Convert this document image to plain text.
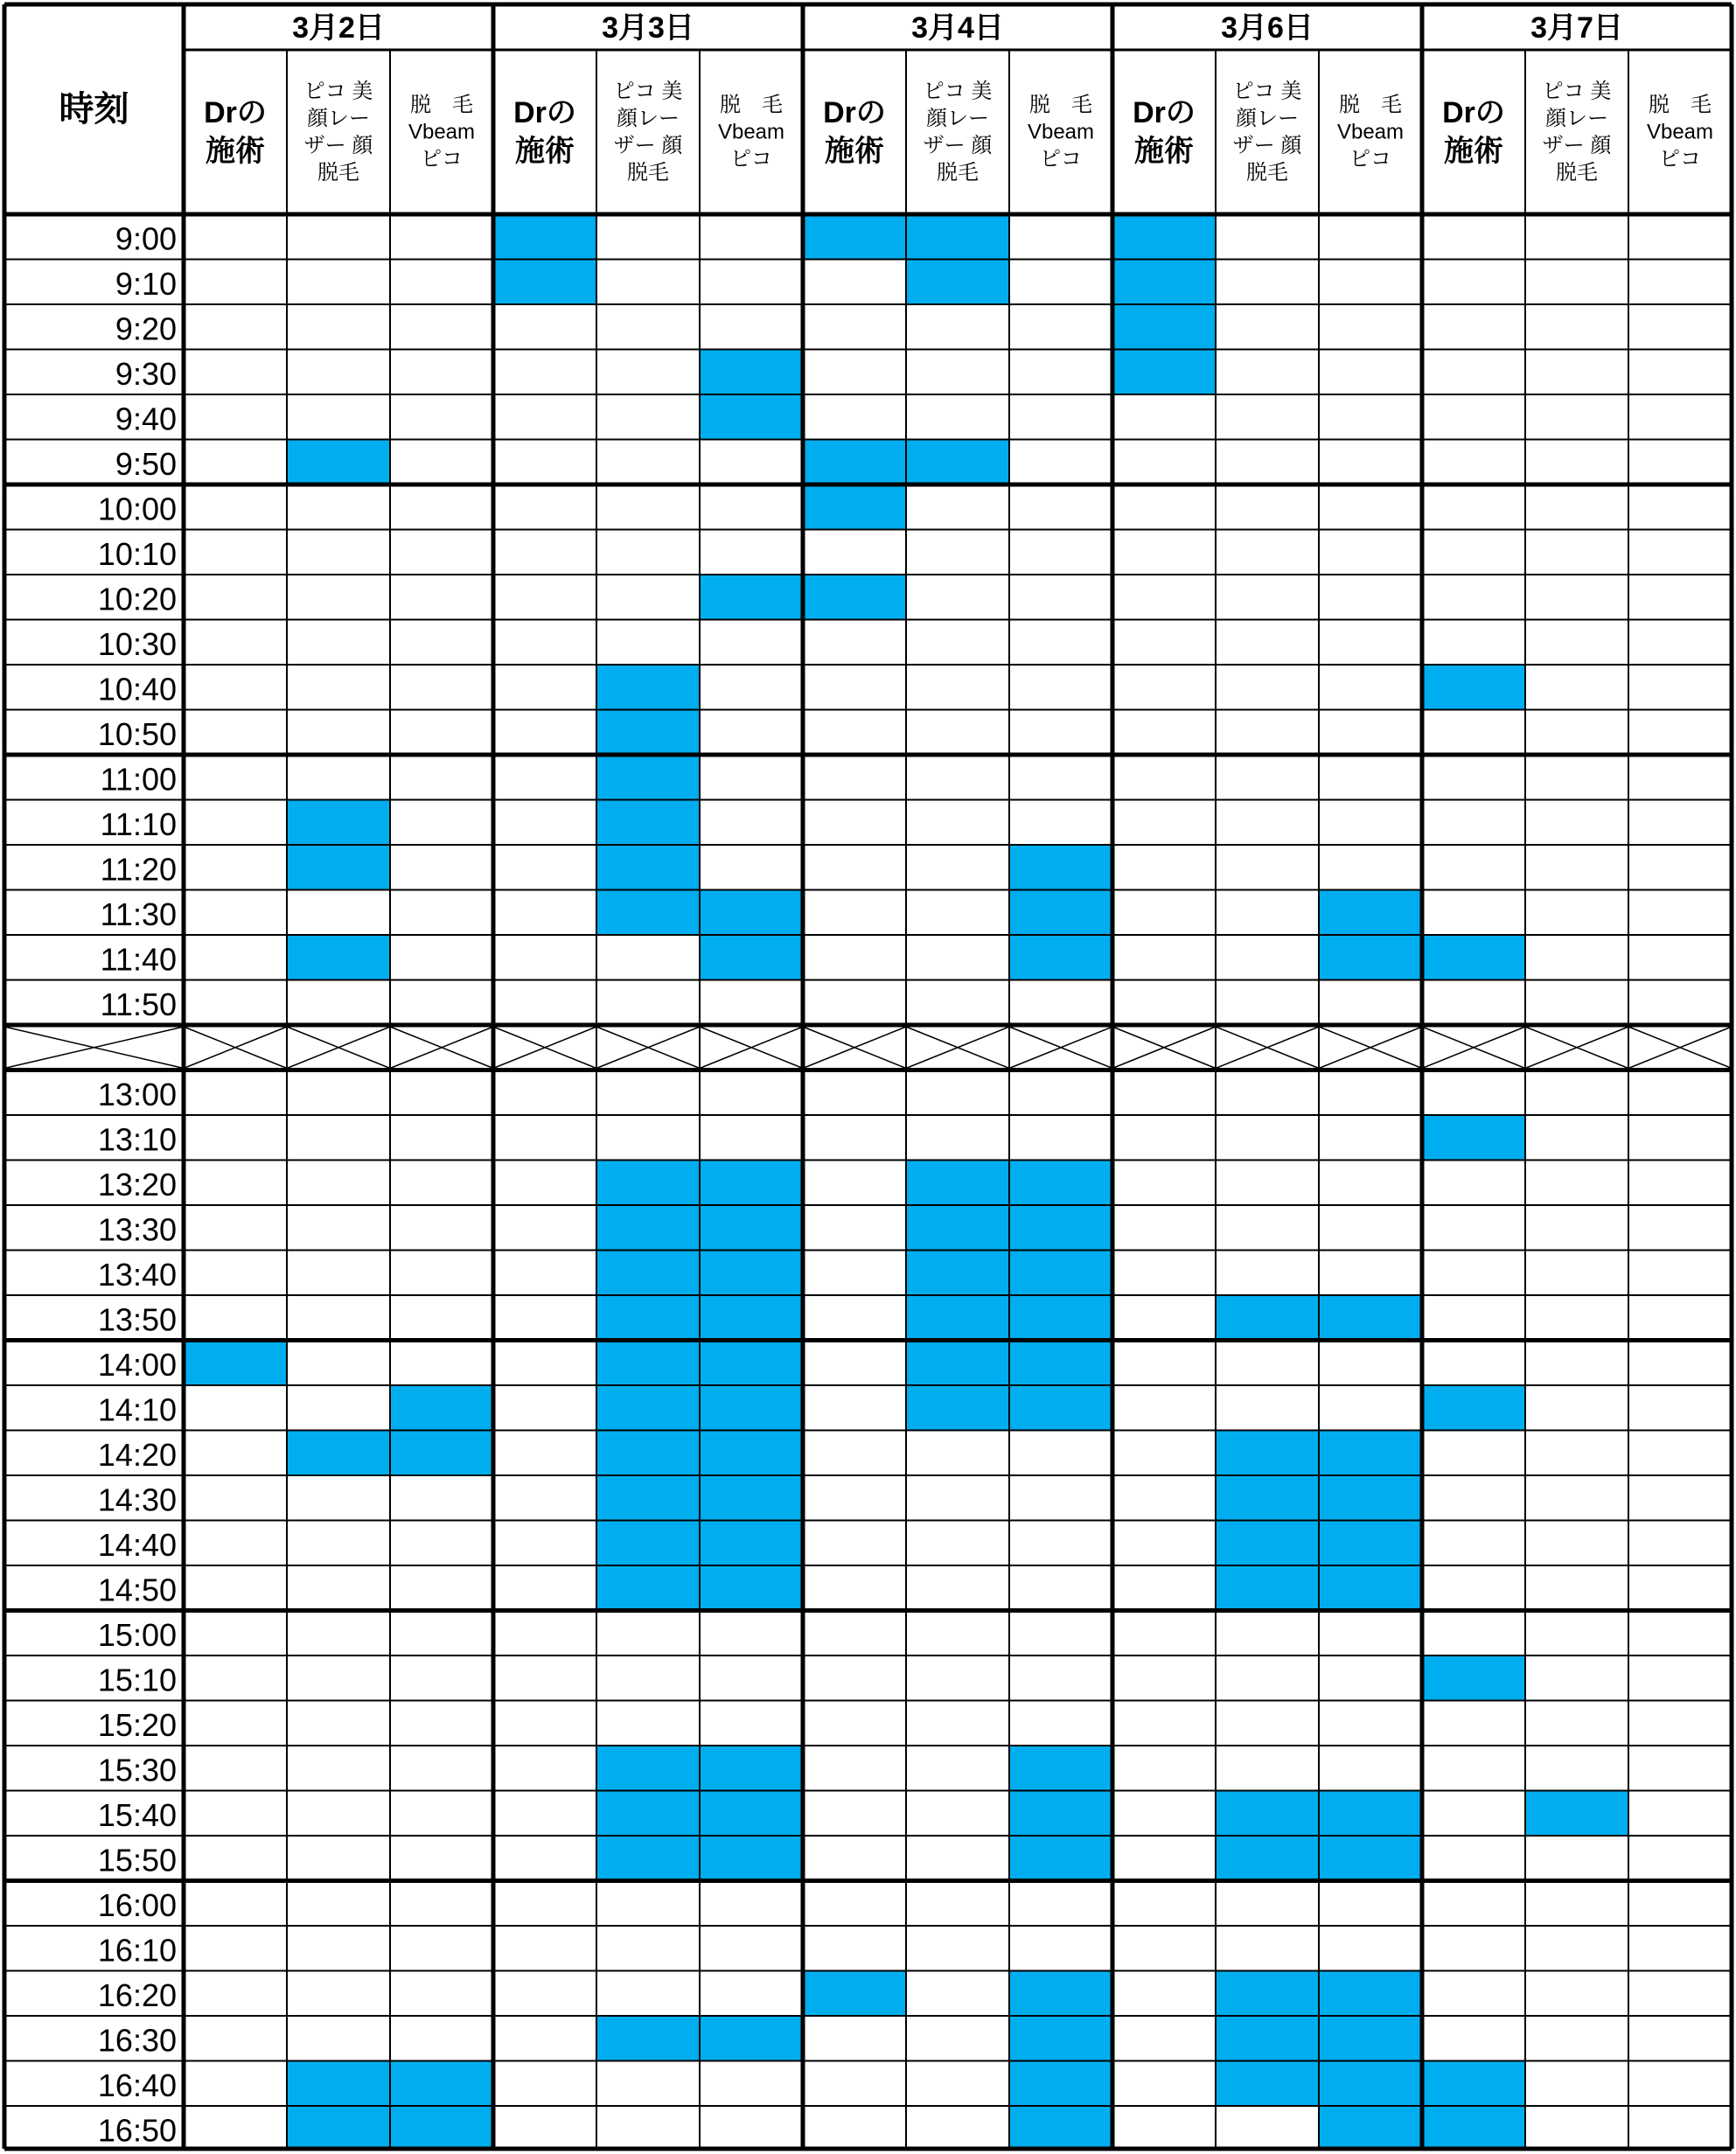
時刻
3月2日
Drの
施術
ピコ 美
顔レー
ザー 顔
脱毛
脱　毛
Vbeam
ピコ
3月3日
Drの
施術
ピコ 美
顔レー
ザー 顔
脱毛
脱　毛
Vbeam
ピコ
3月4日
Drの
施術
ピコ 美
顔レー
ザー 顔
脱毛
脱　毛
Vbeam
ピコ
3月6日
Drの
施術
ピコ 美
顔レー
ザー 顔
脱毛
脱　毛
Vbeam
ピコ
3月7日
Drの
施術
ピコ 美
顔レー
ザー 顔
脱毛
脱　毛
Vbeam
ピコ
9:00
9:10
9:20
9:30
9:40
9:50
10:00
10:10
10:20
10:30
10:40
10:50
11:00
11:10
11:20
11:30
11:40
11:50
13:00
13:10
13:20
13:30
13:40
13:50
14:00
14:10
14:20
14:30
14:40
14:50
15:00
15:10
15:20
15:30
15:40
15:50
16:00
16:10
16:20
16:30
16:40
16:50
